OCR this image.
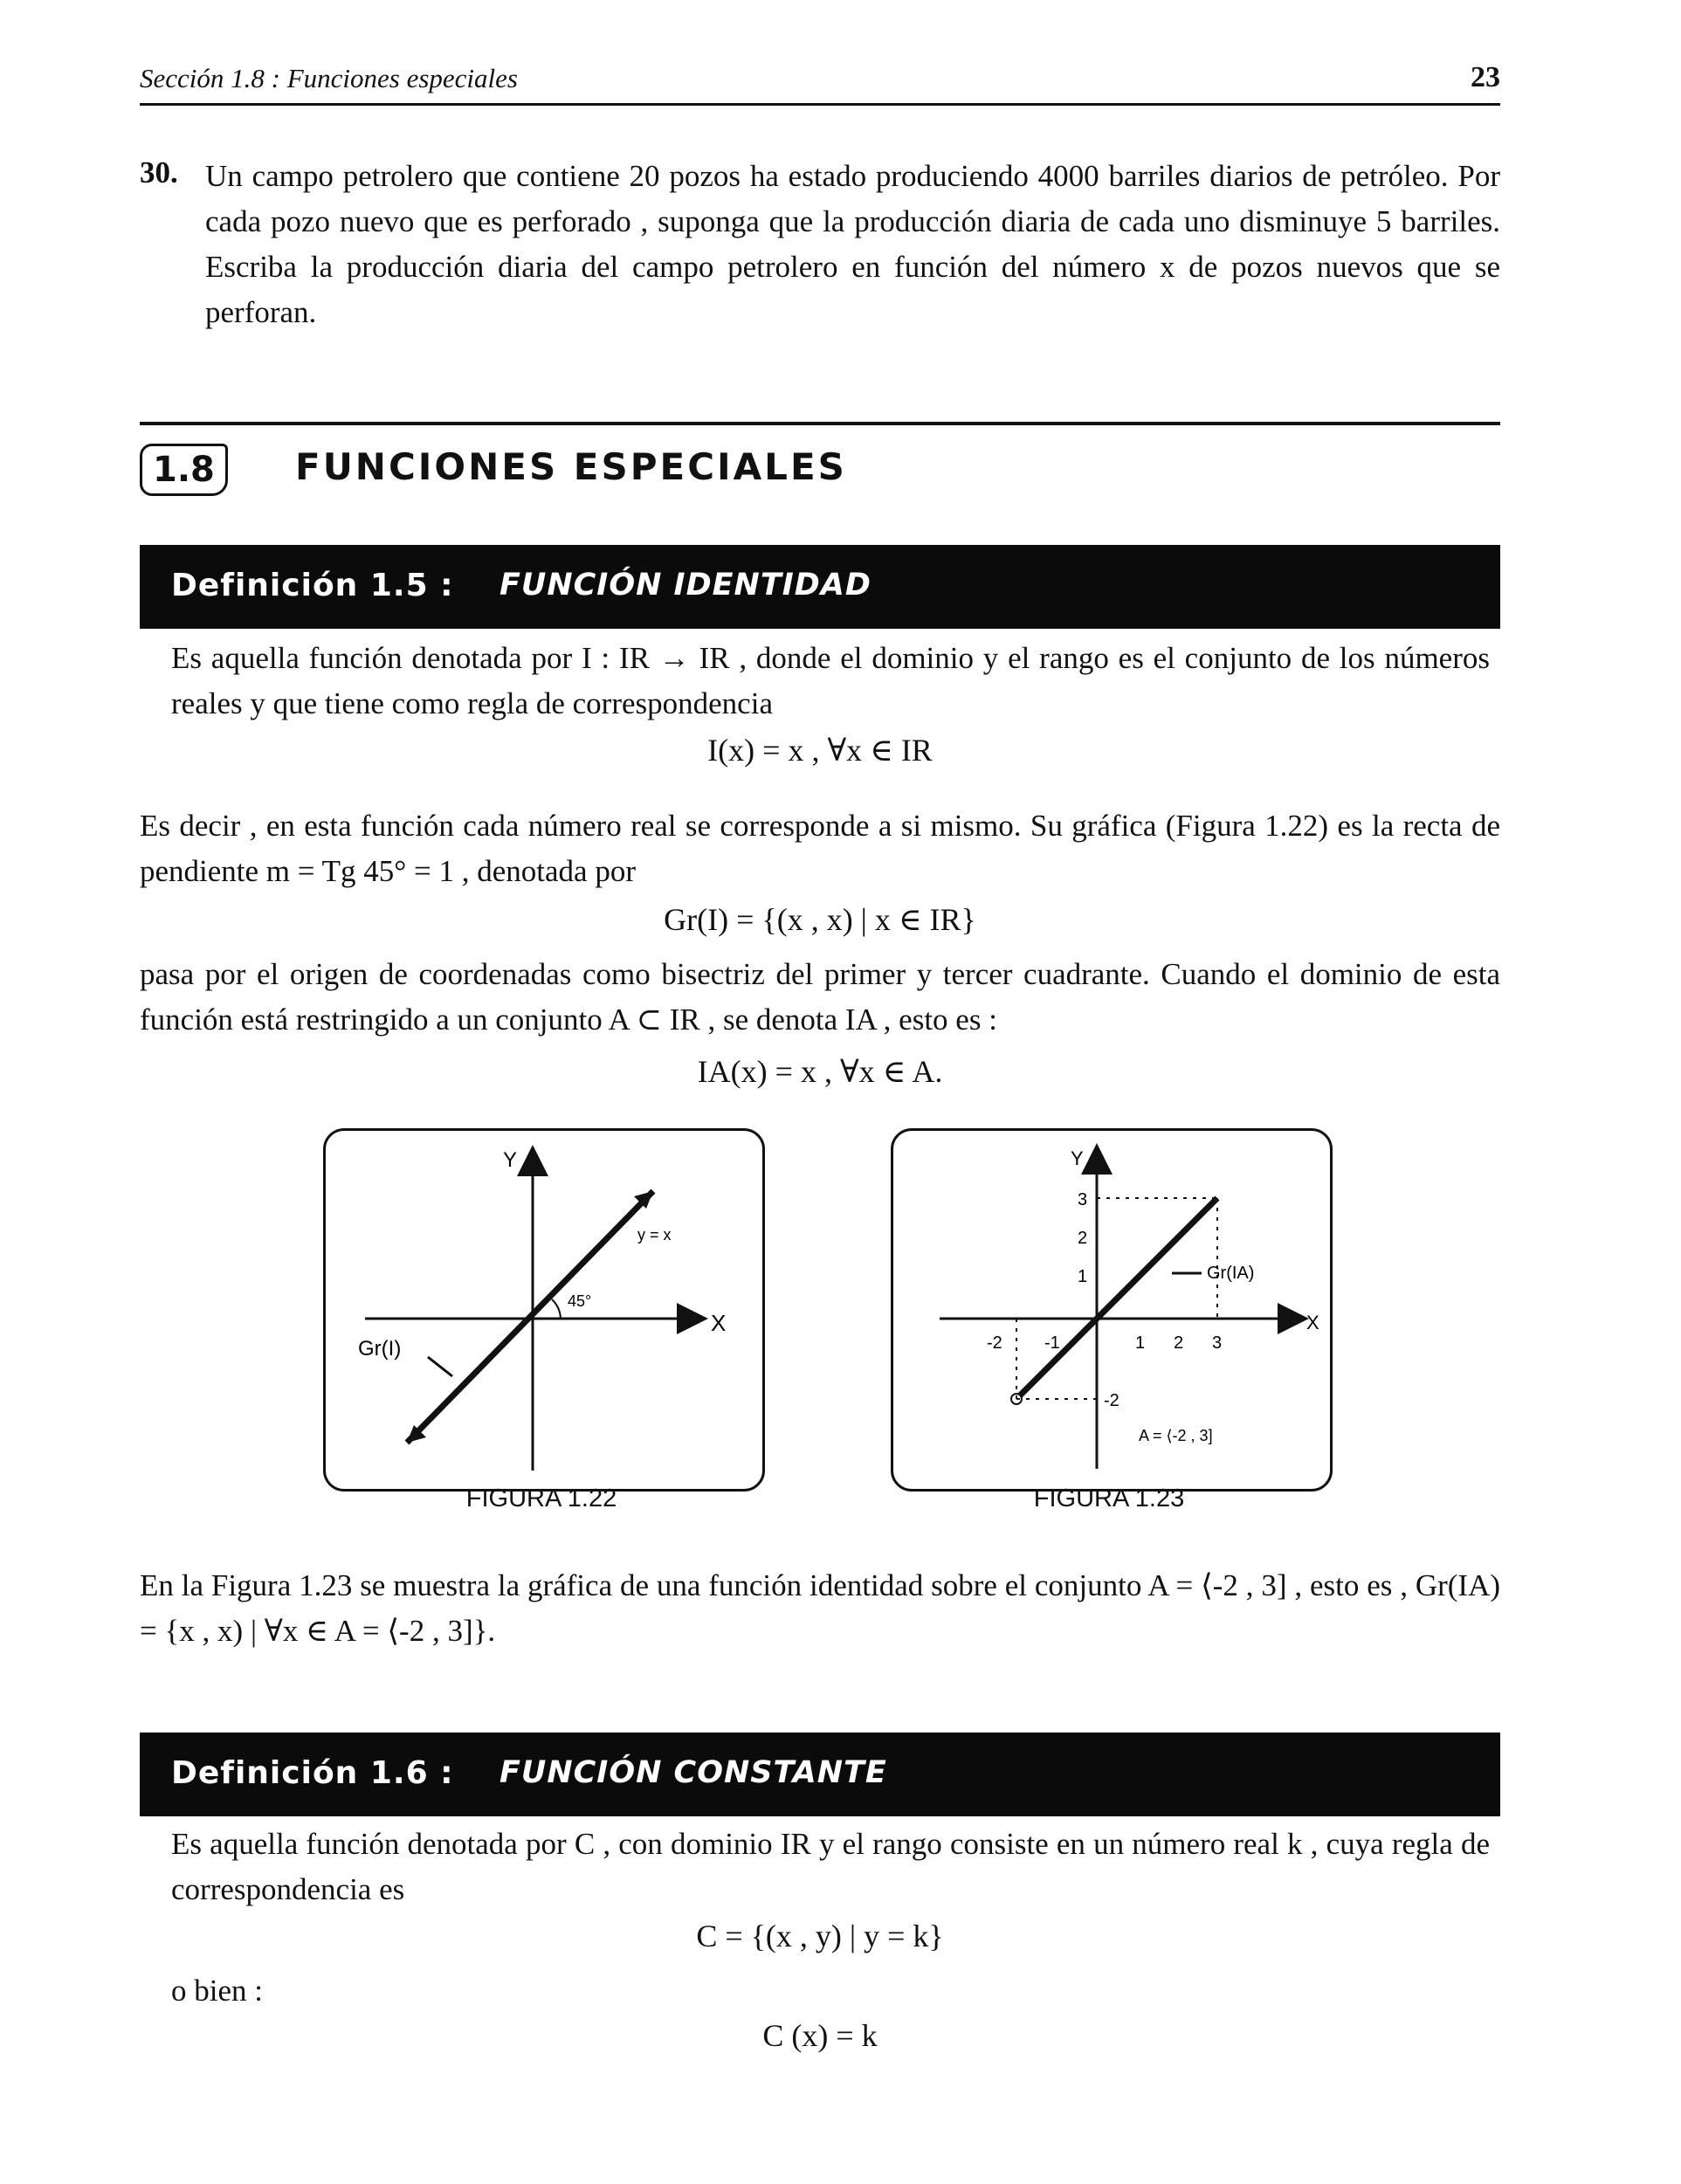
Sección 1.8 : Funciones especiales	23
30. Un campo petrolero que contiene 20 pozos ha estado produciendo 4000 barriles diarios de petróleo. Por cada pozo nuevo que es perforado , suponga que la producción diaria de cada uno disminuye 5 barriles. Escriba la producción diaria del campo petrolero en función del número x de pozos nuevos que se perforan.
1.8	FUNCIONES ESPECIALES
Definición 1.5 : FUNCIÓN IDENTIDAD
Es aquella función denotada por I : IR → IR , donde el dominio y el rango es el conjunto de los números reales y que tiene como regla de correspondencia
I(x) = x , ∀x ∈ IR
Es decir , en esta función cada número real se corresponde a si mismo. Su gráfica (Figura 1.22) es la recta de pendiente m = Tg 45° = 1 , denotada por
Gr(I) = {(x , x) | x ∈ IR}
pasa por el origen de coordenadas como bisectriz del primer y tercer cuadrante. Cuando el dominio de esta función está restringido a un conjunto A ⊂ IR , se denota IA , esto es :
IA(x) = x , ∀x ∈ A.
Y
X
y = x
45°
Gr(I)
FIGURA 1.22
Y
X
-2 -1	1 2 3
3
2
1
-2
Gr(IA)
A = ⟨-2 , 3]
FIGURA 1.23
En la Figura 1.23 se muestra la gráfica de una función identidad sobre el conjunto A = ⟨-2 , 3] , esto es , Gr(IA) = {x , x) | ∀x ∈ A = ⟨-2 , 3]}.
Definición 1.6 : FUNCIÓN CONSTANTE
Es aquella función denotada por C , con dominio IR y el rango consiste en un número real k , cuya regla de correspondencia es
C = {(x , y) | y = k}
o bien :
C (x) = k
